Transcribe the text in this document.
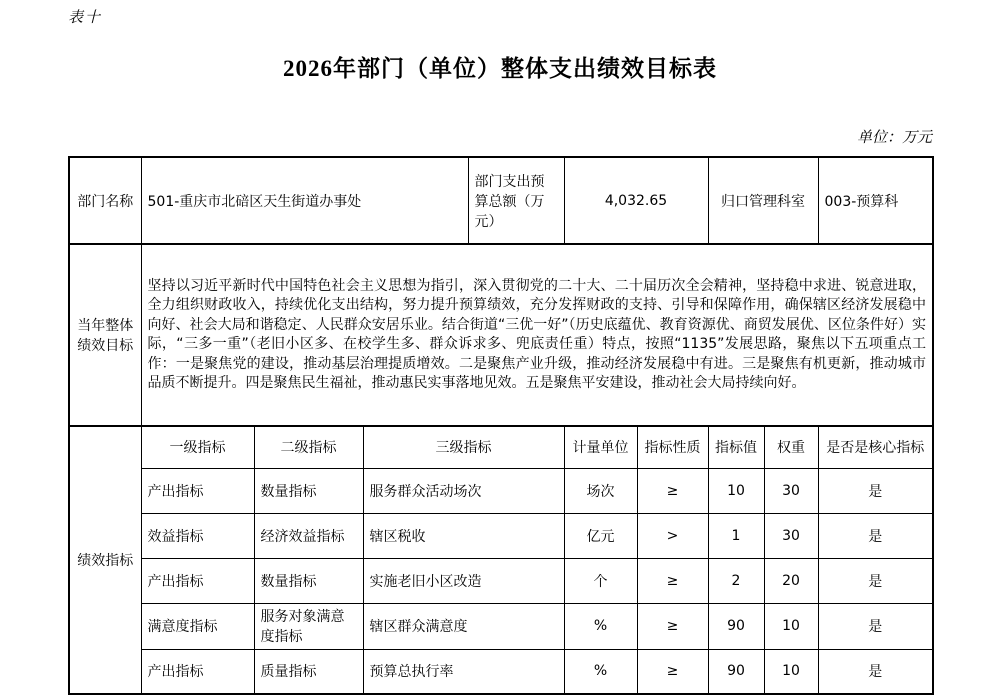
表十
2026年部门（单位）整体支出绩效目标表
单位：万元
部门名称	501-重庆市北碚区天生街道办事处			部门支出预算总额（万元）	4,032.65		归口管理科室		003-预算科
当年整体绩效目标	坚持以习近平新时代中国特色社会主义思想为指引，深入贯彻党的二十大、二十届历次全会精神，坚持稳中求进、锐意进取，全力组织财政收入，持续优化支出结构，努力提升预算绩效，充分发挥财政的支持、引导和保障作用，确保辖区经济发展稳中向好、社会大局和谐稳定、人民群众安居乐业。结合街道“三优一好”（历史底蕴优、教育资源优、商贸发展优、区位条件好）实际，“三多一重”（老旧小区多、在校学生多、群众诉求多、兜底责任重）特点，按照“1135”发展思路，聚焦以下五项重点工作：一是聚焦党的建设，推动基层治理提质增效。二是聚焦产业升级，推动经济发展稳中有进。三是聚焦有机更新，推动城市品质不断提升。四是聚焦民生福祉，推动惠民实事落地见效。五是聚焦平安建设，推动社会大局持续向好。								
绩效指标	一级指标	二级指标	三级指标		计量单位	指标性质	指标值	权重	是否是核心指标
	产出指标	数量指标	服务群众活动场次		场次	≥	10	30	是
	效益指标	经济效益指标	辖区税收		亿元	>	1	30	是
	产出指标	数量指标	实施老旧小区改造		个	≥	2	20	是
	满意度指标	服务对象满意度指标	辖区群众满意度		%	≥	90	10	是
	产出指标	质量指标	预算总执行率		%	≥	90	10	是
